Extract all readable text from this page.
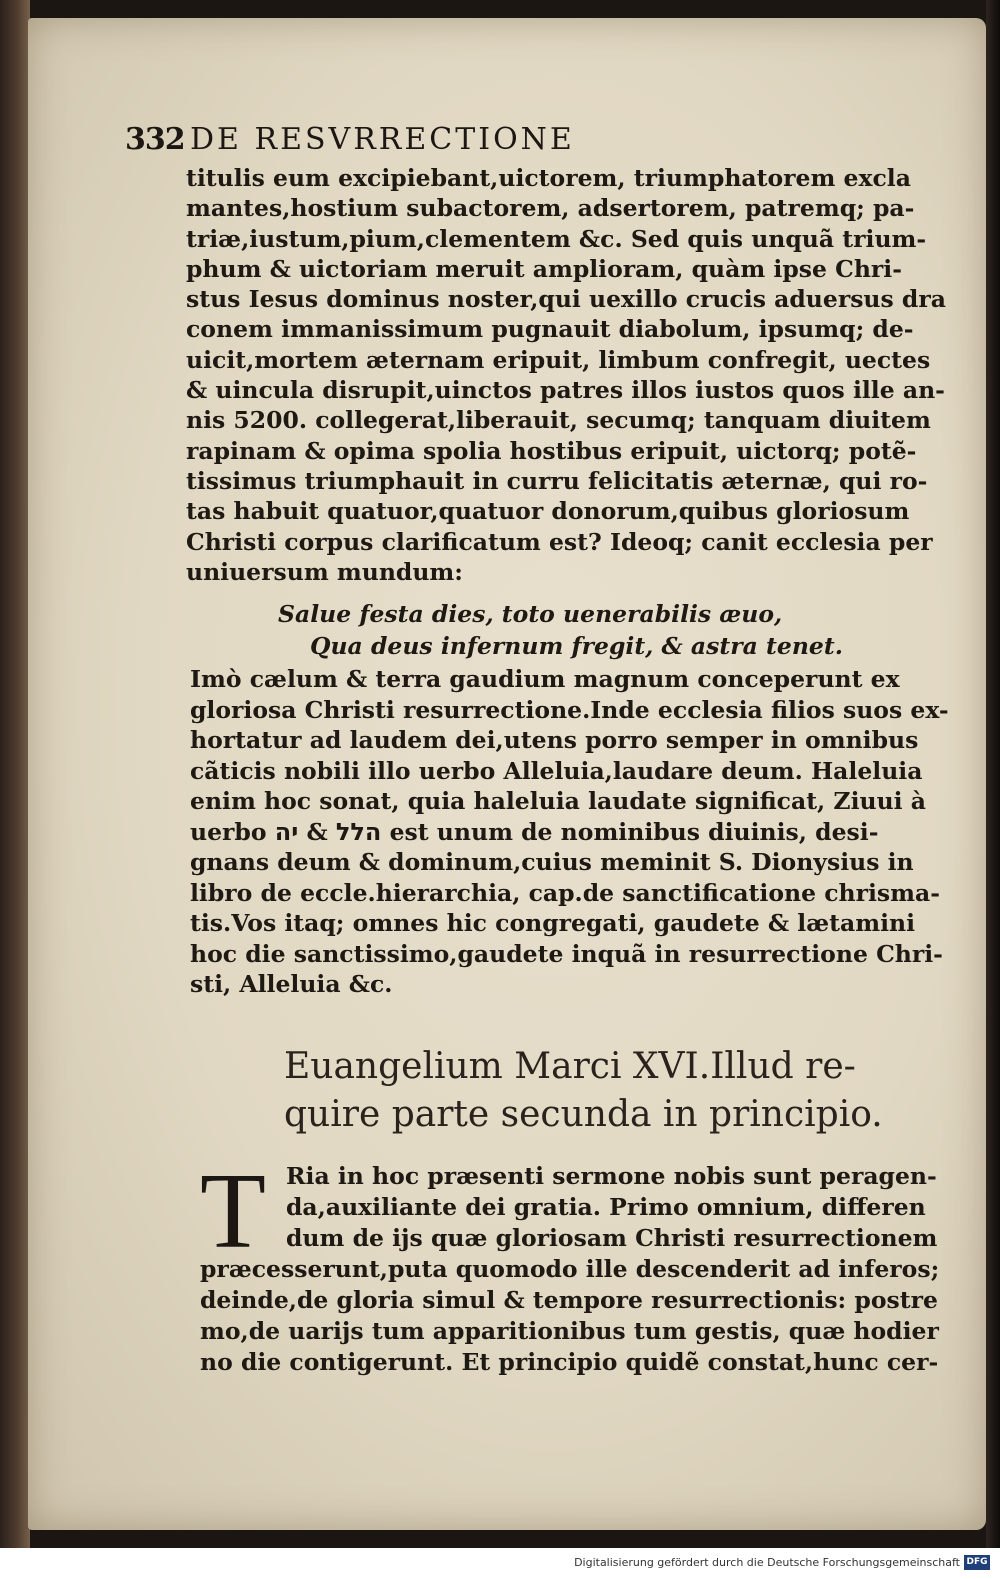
332 DE RESVRRECTIONE
titulis eum excipiebant,uictorem, triumphatorem excla
mantes,hostium subactorem, adsertorem, patremq; pa-
triæ,iustum,pium,clementem &c. Sed quis unquã trium-
phum & uictoriam meruit amplioram, quàm ipse Chri-
stus Iesus dominus noster,qui uexillo crucis aduersus dra
conem immanissimum pugnauit diabolum, ipsumq; de-
uicit,mortem æternam eripuit, limbum confregit, uectes
& uincula disrupit,uinctos patres illos iustos quos ille an-
nis 5200. collegerat,liberauit, secumq; tanquam diuitem
rapinam & opima spolia hostibus eripuit, uictorq; potẽ-
tissimus triumphauit in curru felicitatis æternæ, qui ro-
tas habuit quatuor,quatuor donorum,quibus gloriosum
Christi corpus clarificatum est? Ideoq; canit ecclesia per
uniuersum mundum:
Salue festa dies, toto uenerabilis æuo,
Qua deus infernum fregit, & astra tenet.
Imò cælum & terra gaudium magnum conceperunt ex
gloriosa Christi resurrectione.Inde ecclesia filios suos ex-
hortatur ad laudem dei,utens porro semper in omnibus
cãticis nobili illo uerbo Alleluia,laudare deum. Haleluia
enim hoc sonat, quia haleluia laudate significat, Ziuui à
uerbo	הלל & יה	est unum de nominibus diuinis, desi-
gnans deum & dominum,cuius meminit S. Dionysius in
libro de eccle.hierarchia, cap.de sanctificatione chrisma-
tis.Vos itaq; omnes hic congregati, gaudete & lætamini
hoc die sanctissimo,gaudete inquã in resurrectione Chri-
sti, Alleluia &c.
Euangelium Marci XVI.Illud re-
quire parte secunda in principio.
T Ria in hoc præsenti sermone nobis sunt peragen-
da,auxiliante dei gratia. Primo omnium, differen
dum de ijs quæ gloriosam Christi resurrectionem
præcesserunt,puta quomodo ille descenderit ad inferos;
deinde,de gloria simul & tempore resurrectionis: postre
mo,de uarijs tum apparitionibus tum gestis, quæ hodier
no die contigerunt. Et principio quidẽ constat,hunc cer-
Digitalisierung gefördert durch die Deutsche Forschungsgemeinschaft DFG
